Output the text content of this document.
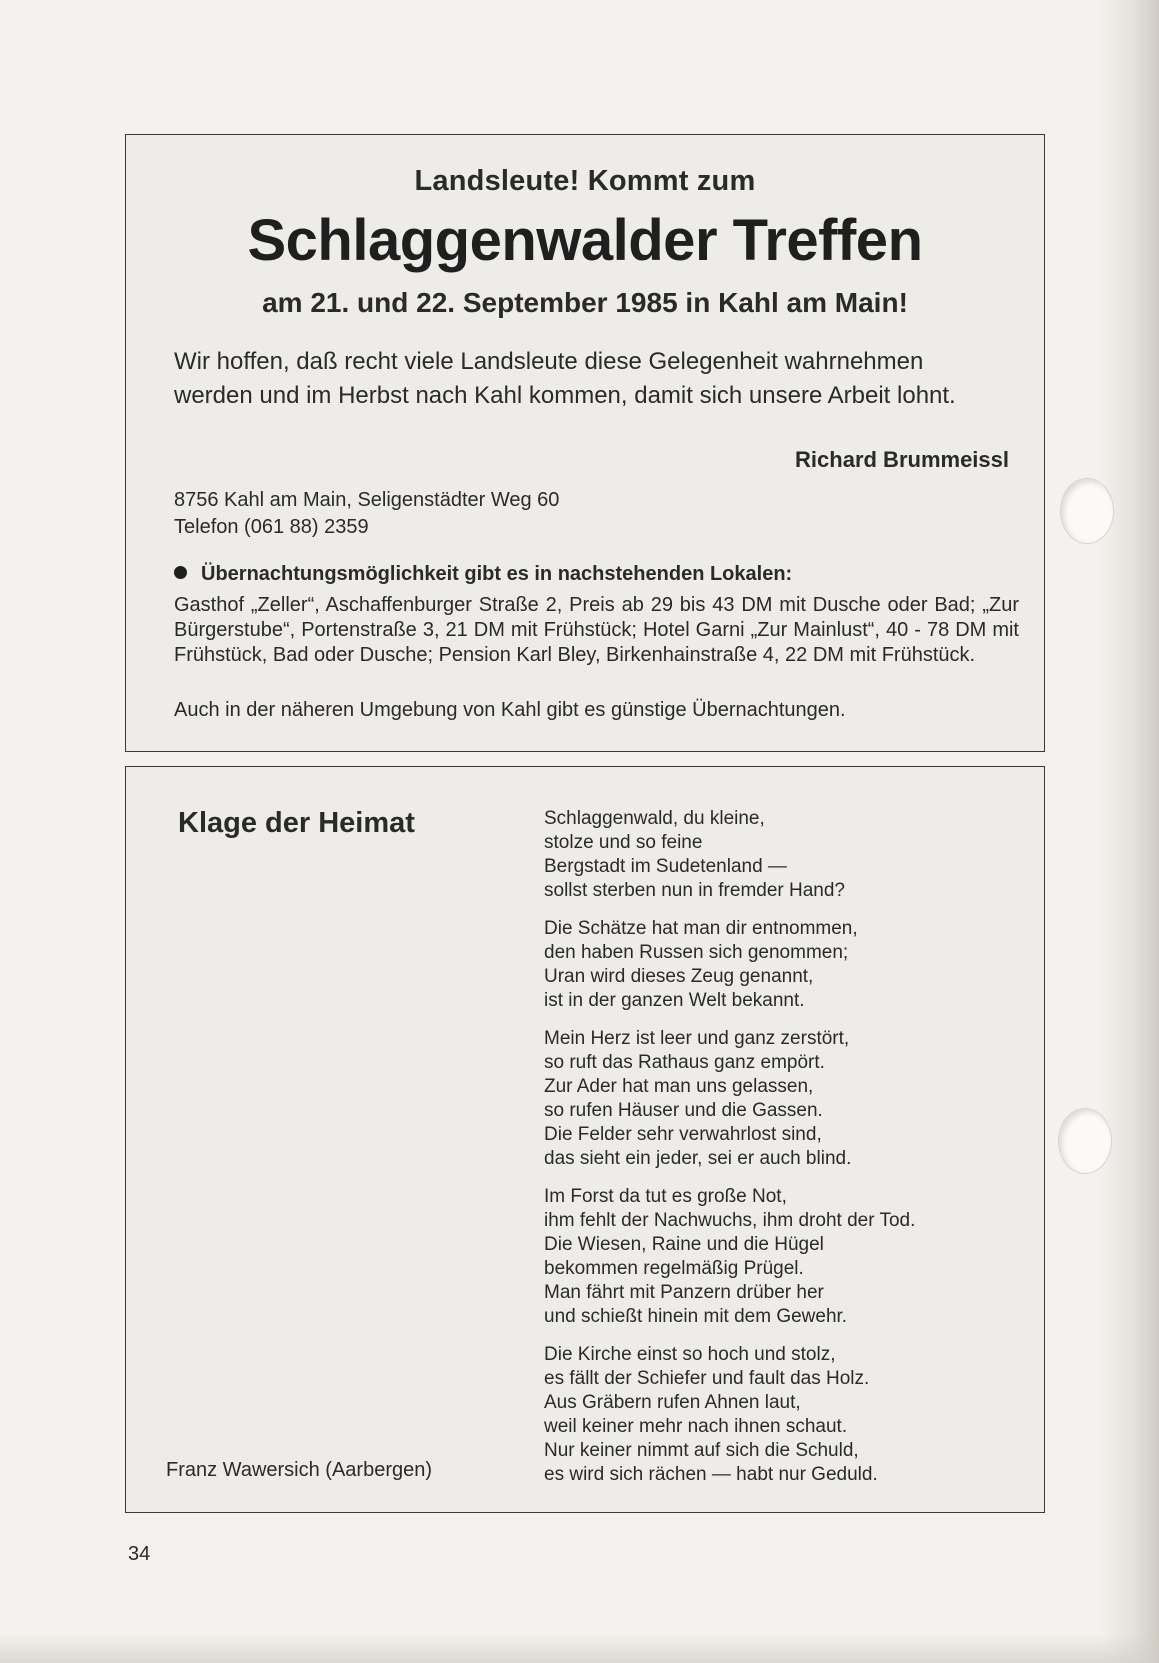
Landsleute! Kommt zum
Schlaggenwalder Treffen
am 21. und 22. September 1985 in Kahl am Main!

Wir hoffen, daß recht viele Landsleute diese Gelegenheit wahrnehmen werden und im Herbst nach Kahl kommen, damit sich unsere Arbeit lohnt.

Richard Brummeissl
8756 Kahl am Main, Seligenstädter Weg 60
Telefon (061 88) 2359
Übernachtungsmöglichkeit gibt es in nachstehenden Lokalen:

Gasthof „Zeller“, Aschaffenburger Straße 2, Preis ab 29 bis 43 DM mit Dusche oder Bad; „Zur Bürgerstube“, Portenstraße 3, 21 DM mit Frühstück; Hotel Garni „Zur Mainlust“, 40 - 78 DM mit Frühstück, Bad oder Dusche; Pension Karl Bley, Birkenhainstraße 4, 22 DM mit Frühstück.

Auch in der näheren Umgebung von Kahl gibt es günstige Übernachtungen.
Klage der Heimat	Schlaggenwald, du kleine,
stolze und so feine
Bergstadt im Sudetenland —
sollst sterben nun in fremder Hand?
Die Schätze hat man dir entnommen,
den haben Russen sich genommen;
Uran wird dieses Zeug genannt,
ist in der ganzen Welt bekannt.
Mein Herz ist leer und ganz zerstört,
so ruft das Rathaus ganz empört.
Zur Ader hat man uns gelassen,
so rufen Häuser und die Gassen.
Die Felder sehr verwahrlost sind,
das sieht ein jeder, sei er auch blind.
Im Forst da tut es große Not,
ihm fehlt der Nachwuchs, ihm droht der Tod.
Die Wiesen, Raine und die Hügel
bekommen regelmäßig Prügel.
Man fährt mit Panzern drüber her
und schießt hinein mit dem Gewehr.
Die Kirche einst so hoch und stolz,
es fällt der Schiefer und fault das Holz.
Aus Gräbern rufen Ahnen laut,
weil keiner mehr nach ihnen schaut.
Nur keiner nimmt auf sich die Schuld,
es wird sich rächen — habt nur Geduld.
Franz Wawersich (Aarbergen)
34
